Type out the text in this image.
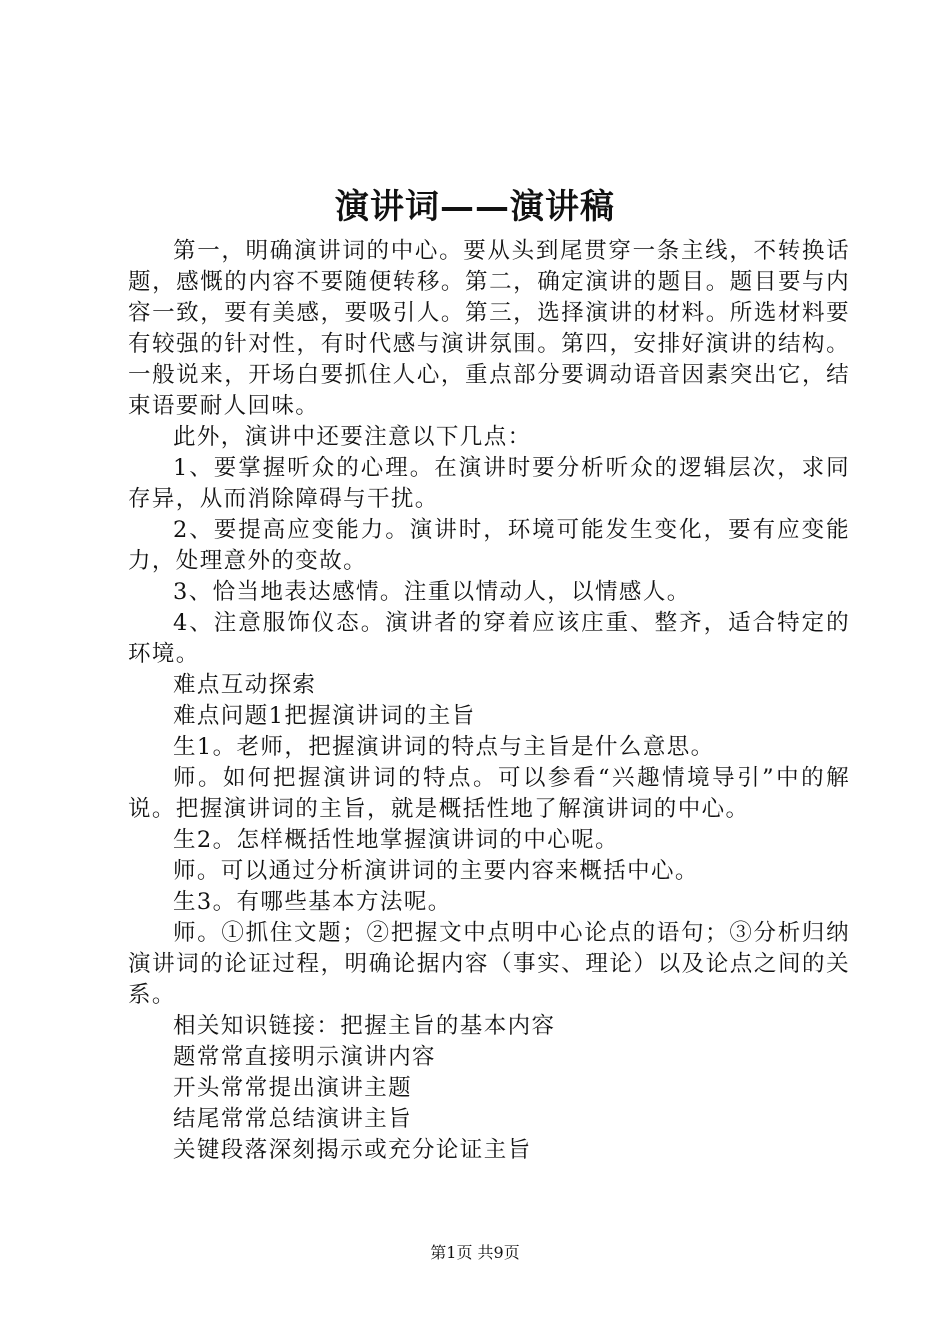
演讲词——演讲稿

第一，明确演讲词的中心。要从头到尾贯穿一条主线，不转换话题，感慨的内容不要随便转移。第二，确定演讲的题目。题目要与内容一致，要有美感，要吸引人。第三，选择演讲的材料。所选材料要有较强的针对性，有时代感与演讲氛围。第四，安排好演讲的结构。一般说来，开场白要抓住人心，重点部分要调动语音因素突出它，结束语要耐人回味。

此外，演讲中还要注意以下几点：

1、要掌握听众的心理。在演讲时要分析听众的逻辑层次，求同存异，从而消除障碍与干扰。

2、要提高应变能力。演讲时，环境可能发生变化，要有应变能力，处理意外的变故。

3、恰当地表达感情。注重以情动人，以情感人。

4、注意服饰仪态。演讲者的穿着应该庄重、整齐，适合特定的环境。

难点互动探索

难点问题1把握演讲词的主旨

生1。老师，把握演讲词的特点与主旨是什么意思。

师。如何把握演讲词的特点。可以参看“兴趣情境导引”中的解说。把握演讲词的主旨，就是概括性地了解演讲词的中心。

生2。怎样概括性地掌握演讲词的中心呢。

师。可以通过分析演讲词的主要内容来概括中心。

生3。有哪些基本方法呢。

师。①抓住文题；②把握文中点明中心论点的语句；③分析归纳演讲词的论证过程，明确论据内容（事实、理论）以及论点之间的关系。

相关知识链接：把握主旨的基本内容

题常常直接明示演讲内容

开头常常提出演讲主题

结尾常常总结演讲主旨

关键段落深刻揭示或充分论证主旨

第1页 共9页
